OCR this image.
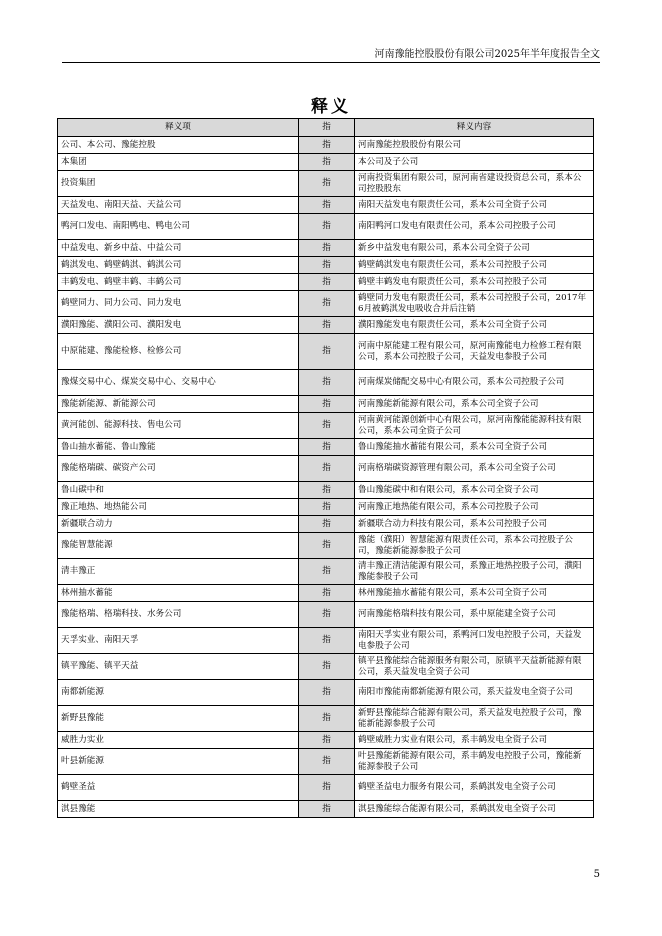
河南豫能控股股份有限公司2025年半年度报告全文
释义
释义项	指	释义内容
公司、本公司、豫能控股	指	河南豫能控股股份有限公司
本集团	指	本公司及子公司
投资集团	指	河南投资集团有限公司，原河南省建设投资总公司，系本公司控股股东
天益发电、南阳天益、天益公司	指	南阳天益发电有限责任公司，系本公司全资子公司
鸭河口发电、南阳鸭电、鸭电公司	指	南阳鸭河口发电有限责任公司，系本公司控股子公司
中益发电、新乡中益、中益公司	指	新乡中益发电有限公司，系本公司全资子公司
鹤淇发电、鹤壁鹤淇、鹤淇公司	指	鹤壁鹤淇发电有限责任公司，系本公司控股子公司
丰鹤发电、鹤壁丰鹤、丰鹤公司	指	鹤壁丰鹤发电有限责任公司，系本公司控股子公司
鹤壁同力、同力公司、同力发电	指	鹤壁同力发电有限责任公司，系本公司控股子公司，2017年6月被鹤淇发电吸收合并后注销
濮阳豫能、濮阳公司、濮阳发电	指	濮阳豫能发电有限责任公司，系本公司全资子公司
中原能建、豫能检修、检修公司	指	河南中原能建工程有限公司，原河南豫能电力检修工程有限公司，系本公司控股子公司，天益发电参股子公司
豫煤交易中心、煤炭交易中心、交易中心	指	河南煤炭储配交易中心有限公司，系本公司控股子公司
豫能新能源、新能源公司	指	河南豫能新能源有限公司，系本公司全资子公司
黄河能创、能源科技、售电公司	指	河南黄河能源创新中心有限公司，原河南豫能能源科技有限公司，系本公司全资子公司
鲁山抽水蓄能、鲁山豫能	指	鲁山豫能抽水蓄能有限公司，系本公司全资子公司
豫能格瑞碳、碳资产公司	指	河南格瑞碳资源管理有限公司，系本公司全资子公司
鲁山碳中和	指	鲁山豫能碳中和有限公司，系本公司全资子公司
豫正地热、地热能公司	指	河南豫正地热能有限公司，系本公司控股子公司
新疆联合动力	指	新疆联合动力科技有限公司，系本公司控股子公司
豫能智慧能源	指	豫能（濮阳）智慧能源有限责任公司，系本公司控股子公司，豫能新能源参股子公司
清丰豫正	指	清丰豫正清洁能源有限公司，系豫正地热控股子公司，濮阳豫能参股子公司
林州抽水蓄能	指	林州豫能抽水蓄能有限公司，系本公司全资子公司
豫能格瑞、格瑞科技、水务公司	指	河南豫能格瑞科技有限公司，系中原能建全资子公司
天孚实业、南阳天孚	指	南阳天孚实业有限公司，系鸭河口发电控股子公司，天益发电参股子公司
镇平豫能、镇平天益	指	镇平县豫能综合能源服务有限公司，原镇平天益新能源有限公司，系天益发电全资子公司
南都新能源	指	南阳市豫能南都新能源有限公司，系天益发电全资子公司
新野县豫能	指	新野县豫能综合能源有限公司，系天益发电控股子公司，豫能新能源参股子公司
威胜力实业	指	鹤壁威胜力实业有限公司，系丰鹤发电全资子公司
叶县新能源	指	叶县豫能新能源有限公司，系丰鹤发电控股子公司，豫能新能源参股子公司
鹤壁圣益	指	鹤壁圣益电力服务有限公司，系鹤淇发电全资子公司
淇县豫能	指	淇县豫能综合能源有限公司，系鹤淇发电全资子公司
5
